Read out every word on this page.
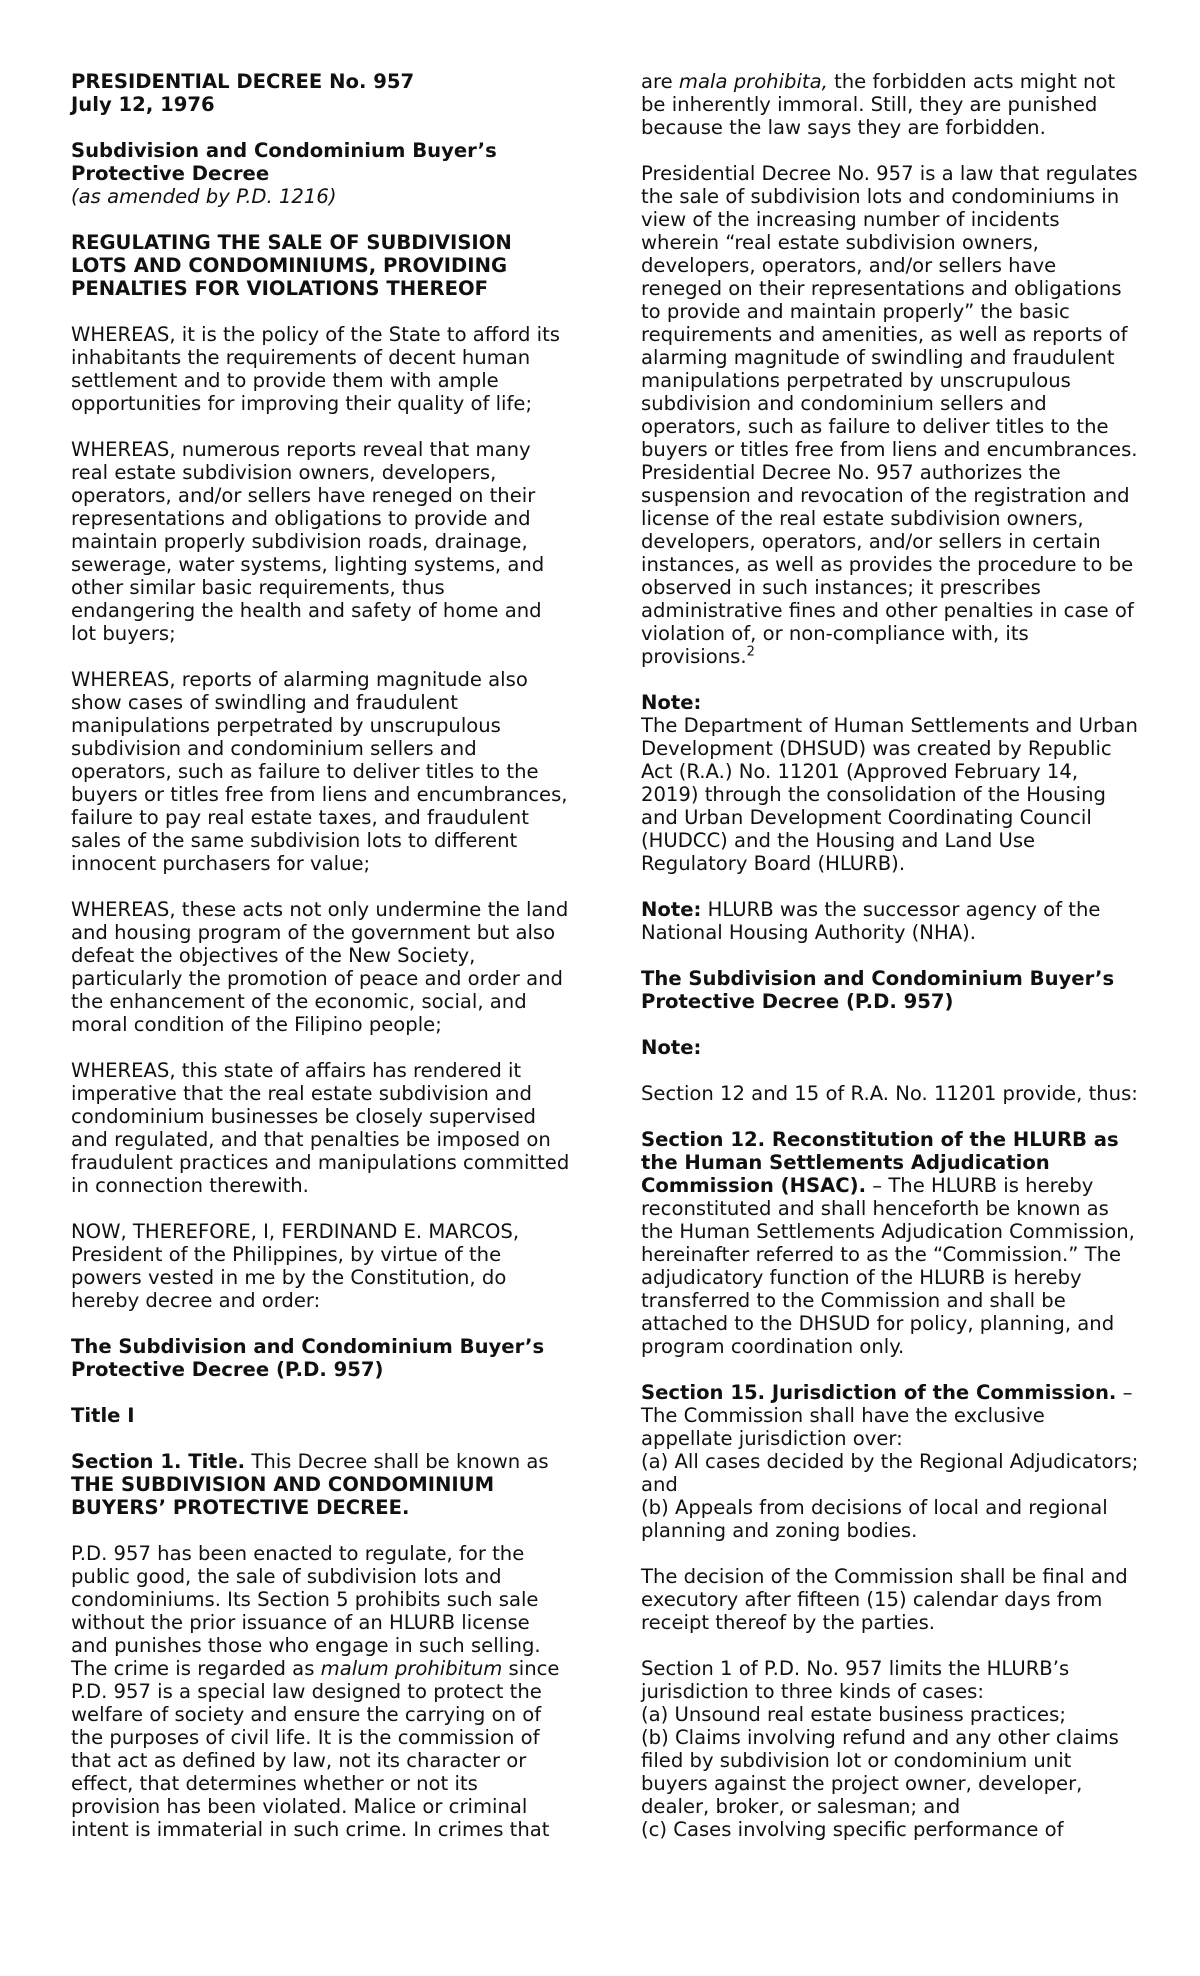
PRESIDENTIAL DECREE No. 957
July 12, 1976
Subdivision and Condominium Buyer’s Protective Decree
(as amended by P.D. 1216)
REGULATING THE SALE OF SUBDIVISION LOTS AND CONDOMINIUMS, PROVIDING PENALTIES FOR VIOLATIONS THEREOF
WHEREAS, it is the policy of the State to afford its inhabitants the requirements of decent human settlement and to provide them with ample opportunities for improving their quality of life;
WHEREAS, numerous reports reveal that many real estate subdivision owners, developers, operators, and/or sellers have reneged on their representations and obligations to provide and maintain properly subdivision roads, drainage, sewerage, water systems, lighting systems, and other similar basic requirements, thus endangering the health and safety of home and lot buyers;
WHEREAS, reports of alarming magnitude also show cases of swindling and fraudulent manipulations perpetrated by unscrupulous subdivision and condominium sellers and operators, such as failure to deliver titles to the buyers or titles free from liens and encumbrances, failure to pay real estate taxes, and fraudulent sales of the same subdivision lots to different innocent purchasers for value;
WHEREAS, these acts not only undermine the land and housing program of the government but also defeat the objectives of the New Society, particularly the promotion of peace and order and the enhancement of the economic, social, and moral condition of the Filipino people;
WHEREAS, this state of affairs has rendered it imperative that the real estate subdivision and condominium businesses be closely supervised and regulated, and that penalties be imposed on fraudulent practices and manipulations committed in connection therewith.
NOW, THEREFORE, I, FERDINAND E. MARCOS, President of the Philippines, by virtue of the powers vested in me by the Constitution, do hereby decree and order:
The Subdivision and Condominium Buyer’s Protective Decree (P.D. 957)
Title I
Section 1. Title. This Decree shall be known as THE SUBDIVISION AND CONDOMINIUM BUYERS’ PROTECTIVE DECREE.
P.D. 957 has been enacted to regulate, for the public good, the sale of subdivision lots and condominiums. Its Section 5 prohibits such sale without the prior issuance of an HLURB license and punishes those who engage in such selling. The crime is regarded as malum prohibitum since P.D. 957 is a special law designed to protect the welfare of society and ensure the carrying on of the purposes of civil life. It is the commission of that act as defined by law, not its character or effect, that determines whether or not its provision has been violated. Malice or criminal intent is immaterial in such crime. In crimes that
are mala prohibita, the forbidden acts might not be inherently immoral. Still, they are punished because the law says they are forbidden.
Presidential Decree No. 957 is a law that regulates the sale of subdivision lots and condominiums in view of the increasing number of incidents wherein “real estate subdivision owners, developers, operators, and/or sellers have reneged on their representations and obligations to provide and maintain properly” the basic requirements and amenities, as well as reports of alarming magnitude of swindling and fraudulent manipulations perpetrated by unscrupulous subdivision and condominium sellers and operators, such as failure to deliver titles to the buyers or titles free from liens and encumbrances. Presidential Decree No. 957 authorizes the suspension and revocation of the registration and license of the real estate subdivision owners, developers, operators, and/or sellers in certain instances, as well as provides the procedure to be observed in such instances; it prescribes administrative fines and other penalties in case of violation of, or non-compliance with, its provisions.$^2$
Note:
The Department of Human Settlements and Urban Development (DHSUD) was created by Republic Act (R.A.) No. 11201 (Approved February 14, 2019) through the consolidation of the Housing and Urban Development Coordinating Council (HUDCC) and the Housing and Land Use Regulatory Board (HLURB).
Note: HLURB was the successor agency of the National Housing Authority (NHA).
The Subdivision and Condominium Buyer’s Protective Decree (P.D. 957)
Note:
Section 12 and 15 of R.A. No. 11201 provide, thus:
Section 12. Reconstitution of the HLURB as the Human Settlements Adjudication Commission (HSAC). – The HLURB is hereby reconstituted and shall henceforth be known as the Human Settlements Adjudication Commission, hereinafter referred to as the “Commission.” The adjudicatory function of the HLURB is hereby transferred to the Commission and shall be attached to the DHSUD for policy, planning, and program coordination only.
Section 15. Jurisdiction of the Commission. – The Commission shall have the exclusive appellate jurisdiction over:
(a) All cases decided by the Regional Adjudicators; and
(b) Appeals from decisions of local and regional planning and zoning bodies.
The decision of the Commission shall be final and executory after fifteen (15) calendar days from receipt thereof by the parties.
Section 1 of P.D. No. 957 limits the HLURB’s jurisdiction to three kinds of cases:
(a) Unsound real estate business practices;
(b) Claims involving refund and any other claims filed by subdivision lot or condominium unit buyers against the project owner, developer, dealer, broker, or salesman; and
(c) Cases involving specific performance of
